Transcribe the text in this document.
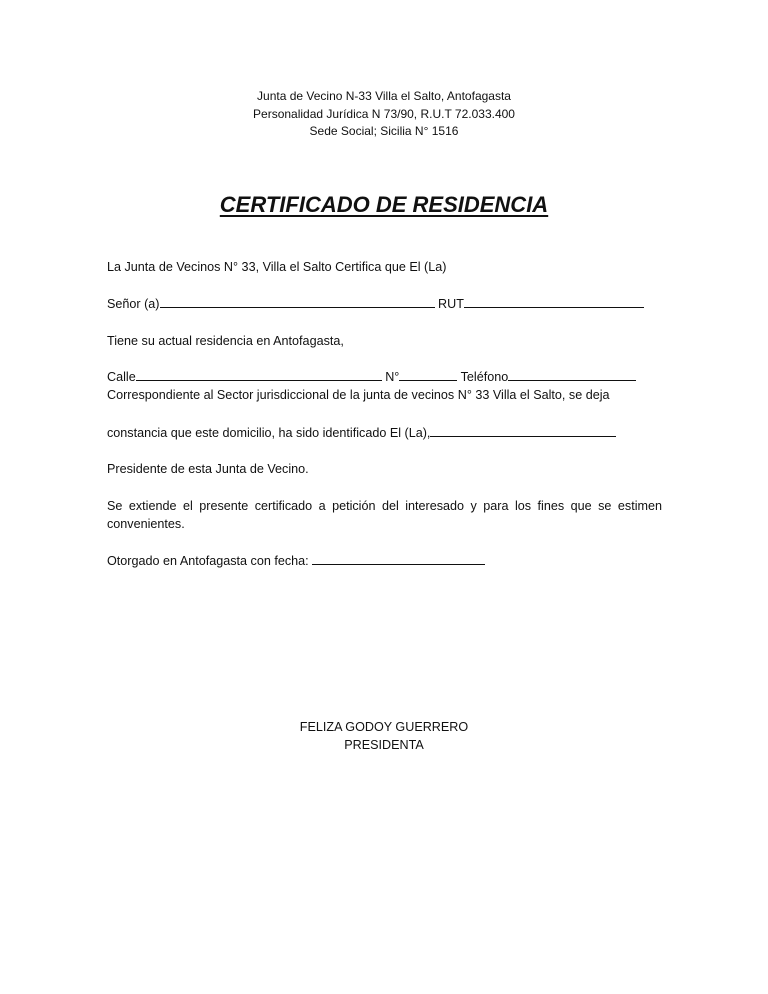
Junta de Vecino N-33 Villa el Salto, Antofagasta
Personalidad Jurídica N 73/90, R.U.T 72.033.400
Sede Social; Sicilia N° 1516
CERTIFICADO DE RESIDENCIA
La Junta de Vecinos N° 33, Villa el Salto Certifica que El (La)
Señor (a)	RUT
Tiene su actual residencia en Antofagasta,
Calle	N°	Teléfono
Correspondiente al Sector jurisdiccional de la junta de vecinos N° 33 Villa el Salto, se deja
constancia que este domicilio, ha sido identificado El (La),
Presidente de esta Junta de Vecino.
Se extiende el presente certificado a petición del interesado y para los fines que se estimen convenientes.
Otorgado en Antofagasta con fecha:
FELIZA GODOY GUERRERO
PRESIDENTA
